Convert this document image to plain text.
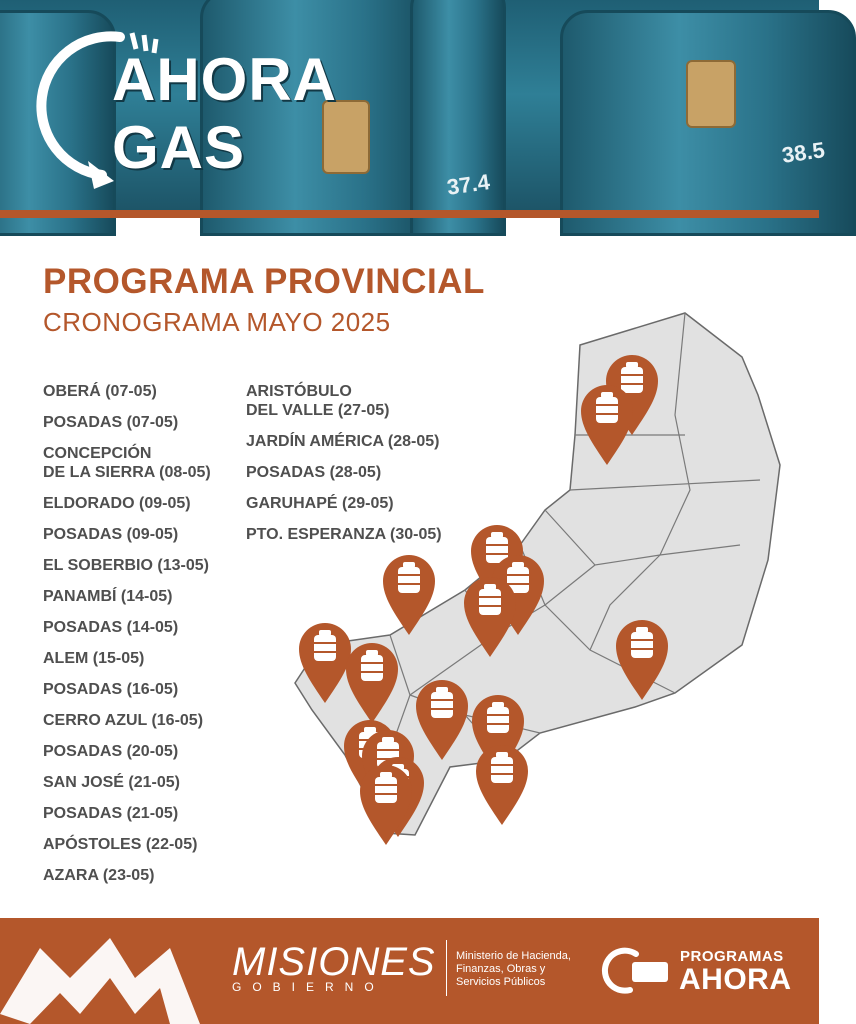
37.4
38.5
AHORA
GAS
PROGRAMA PROVINCIAL
CRONOGRAMA MAYO 2025
OBERÁ (07-05)
POSADAS (07-05)
CONCEPCIÓN
DE LA SIERRA (08-05)
ELDORADO (09-05)
POSADAS (09-05)
EL SOBERBIO (13-05)
PANAMBÍ (14-05)
POSADAS (14-05)
ALEM (15-05)
POSADAS (16-05)
CERRO AZUL (16-05)
POSADAS (20-05)
SAN JOSÉ (21-05)
POSADAS (21-05)
APÓSTOLES (22-05)
AZARA (23-05)
ARISTÓBULO
DEL VALLE (27-05)
JARDÍN AMÉRICA (28-05)
POSADAS (28-05)
GARUHAPÉ (29-05)
PTO. ESPERANZA (30-05)
MISIONES
GOBIERNO
Ministerio de Hacienda,
Finanzas, Obras y
Servicios Públicos
PROGRAMAS
AHORA
